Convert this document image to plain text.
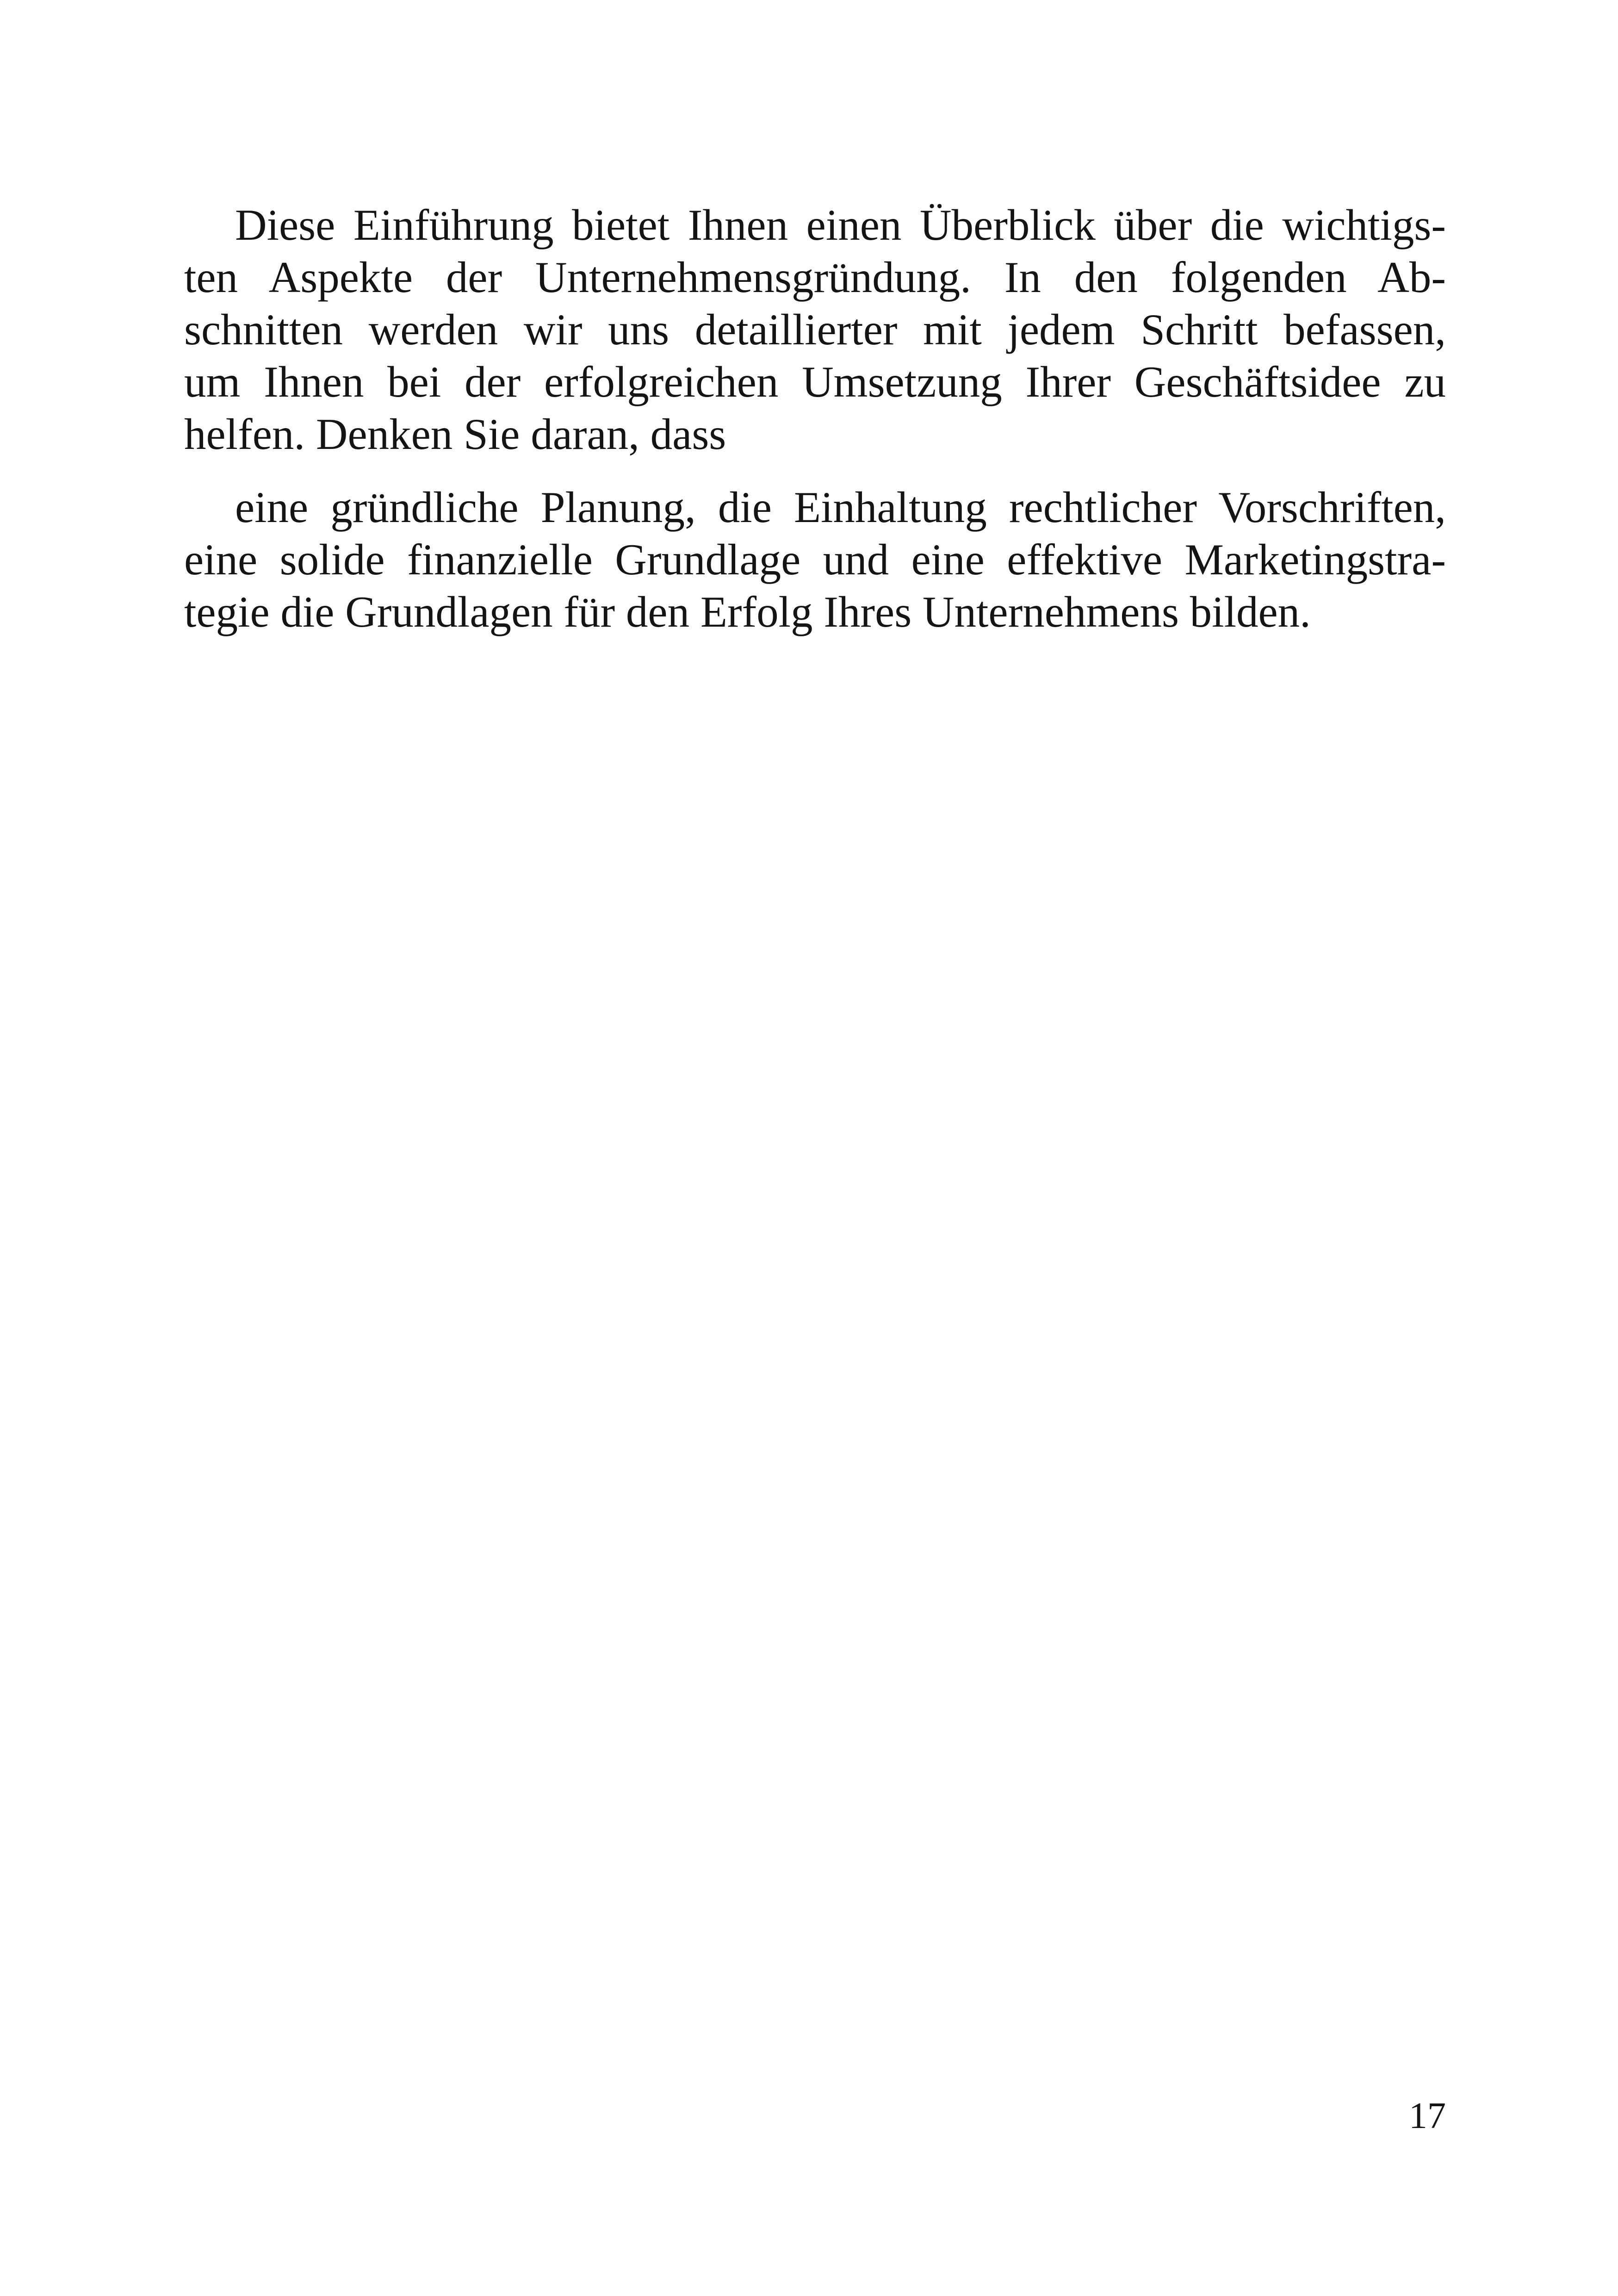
Diese Einführung bietet Ihnen einen Überblick über die wichtigs-
ten Aspekte der Unternehmensgründung. In den folgenden Ab-
schnitten werden wir uns detaillierter mit jedem Schritt befassen,
um Ihnen bei der erfolgreichen Umsetzung Ihrer Geschäftsidee zu
helfen. Denken Sie daran, dass
eine gründliche Planung, die Einhaltung rechtlicher Vorschriften,
eine solide finanzielle Grundlage und eine effektive Marketingstra-
tegie die Grundlagen für den Erfolg Ihres Unternehmens bilden.
17
